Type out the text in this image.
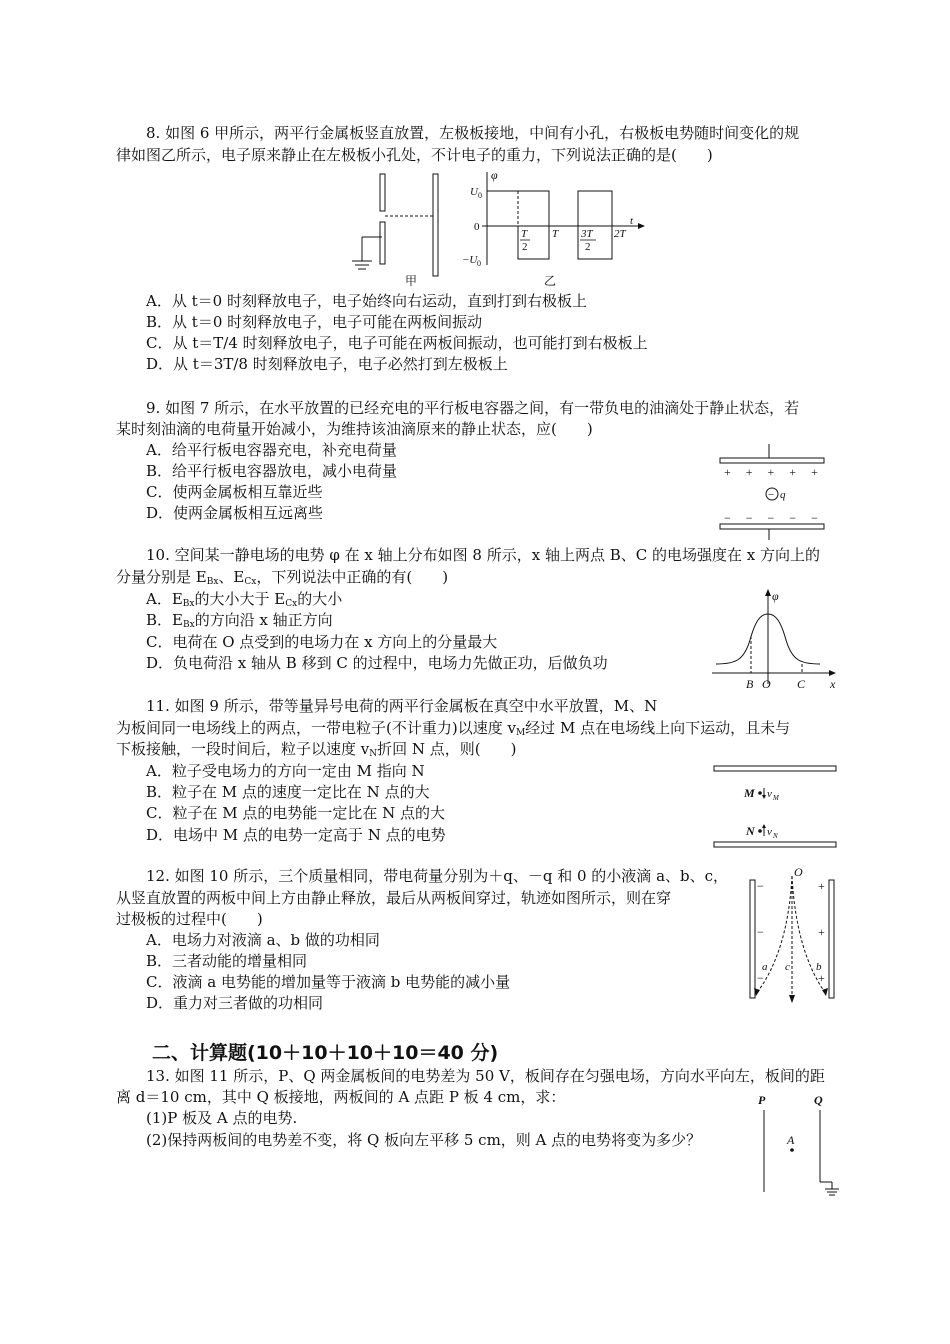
8. 如图 6 甲所示，两平行金属板竖直放置，左极板接地，中间有小孔，右极板电势随时间变化的规
律如图乙所示，电子原来静止在左极板小孔处，不计电子的重力，下列说法正确的是(　　)
甲
φ
U 0
0
−U 0
T
2
T 3T
2
2T
t
乙
A．从 t＝0 时刻释放电子，电子始终向右运动，直到打到右极板上
B．从 t＝0 时刻释放电子，电子可能在两板间振动
C．从 t＝T/4 时刻释放电子，电子可能在两板间振动，也可能打到右极板上
D．从 t＝3T/8 时刻释放电子，电子必然打到左极板上
9. 如图 7 所示，在水平放置的已经充电的平行板电容器之间，有一带负电的油滴处于静止状态，若
某时刻油滴的电荷量开始减小，为维持该油滴原来的静止状态，应(　　)
A．给平行板电容器充电，补充电荷量
B．给平行板电容器放电，减小电荷量
C．使两金属板相互靠近些
D．使两金属板相互远离些
+ + + + +
− q
− − − − −
10. 空间某一静电场的电势 φ 在 x 轴上分布如图 8 所示，x 轴上两点 B、C 的电场强度在 x 方向上的
分量分别是 $E_{Bx}$、$E_{Cx}$，下列说法中正确的有(　　)
A．$E_{Bx}$的大小大于 $E_{Cx}$的大小
B．$E_{Bx}$的方向沿 x 轴正方向
C．电荷在 O 点受到的电场力在 x 方向上的分量最大
D．负电荷沿 x 轴从 B 移到 C 的过程中，电场力先做正功，后做负功
φ
B O C x
11. 如图 9 所示，带等量异号电荷的两平行金属板在真空中水平放置，M、N
为板间同一电场线上的两点，一带电粒子(不计重力)以速度 $v_M$经过 M 点在电场线上向下运动，且未与
下板接触，一段时间后，粒子以速度 $v_N$折回 N 点，则(　　)
A．粒子受电场力的方向一定由 M 指向 N
B．粒子在 M 点的速度一定比在 N 点的大
C．粒子在 M 点的电势能一定比在 N 点的大
D．电场中 M 点的电势一定高于 N 点的电势
M v M
N v N
12. 如图 10 所示，三个质量相同，带电荷量分别为＋q、－q 和 0 的小液滴 a、b、c，
从竖直放置的两板中间上方由静止释放，最后从两板间穿过，轨迹如图所示，则在穿
过极板的过程中(　　)
A．电场力对液滴 a、b 做的功相同
B．三者动能的增量相同
C．液滴 a 电势能的增加量等于液滴 b 电势能的减小量
D．重力对三者做的功相同
O
−
−
−
+
+
+
a c b
二、计算题(10＋10＋10＋10＝40 分)
13. 如图 11 所示，P、Q 两金属板间的电势差为 50 V，板间存在匀强电场，方向水平向左，板间的距
离 d＝10 cm，其中 Q 板接地，两板间的 A 点距 P 板 4 cm，求：
(1)P 板及 A 点的电势.
(2)保持两板间的电势差不变，将 Q 板向左平移 5 cm，则 A 点的电势将变为多少？
P	Q
A
